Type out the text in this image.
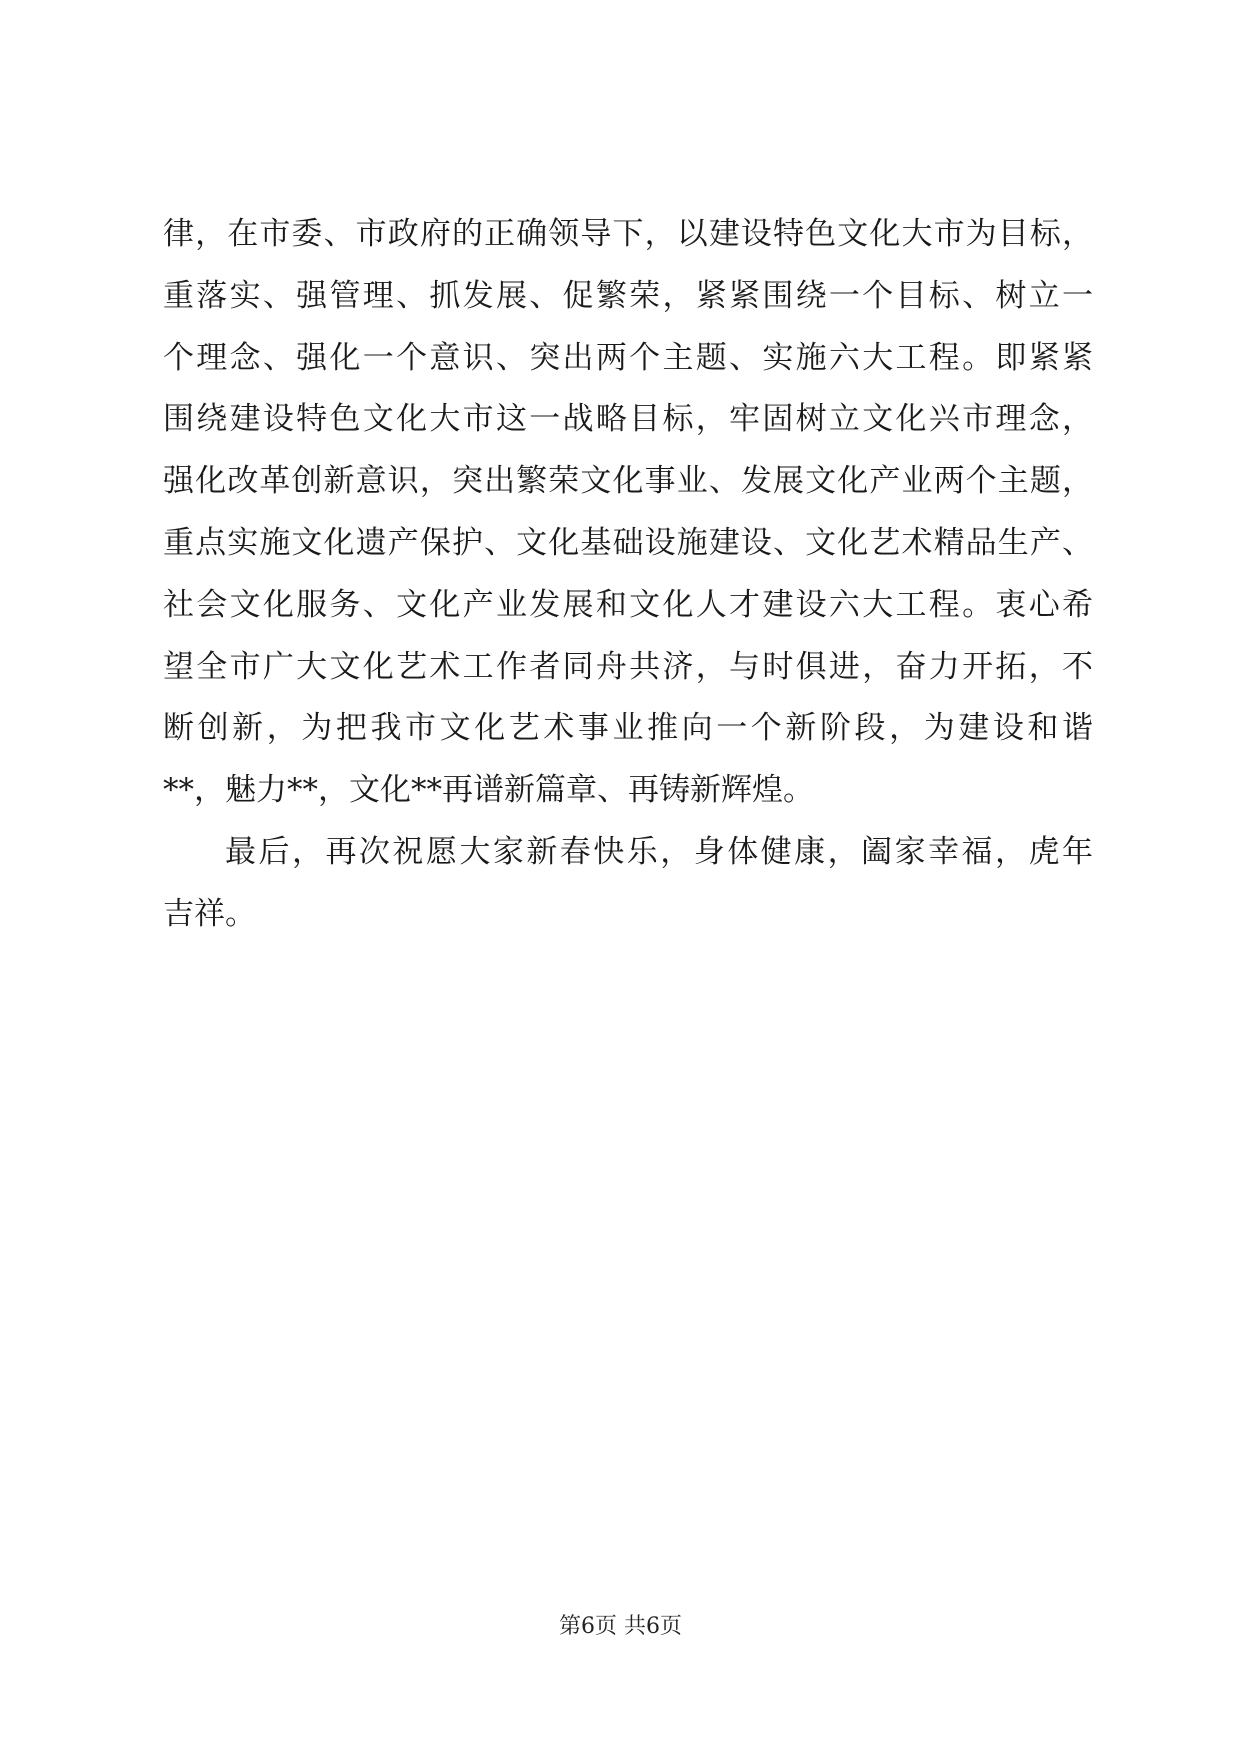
律，在市委、市政府的正确领导下，以建设特色文化大市为目标，
重落实、强管理、抓发展、促繁荣，紧紧围绕一个目标、树立一
个理念、强化一个意识、突出两个主题、实施六大工程。即紧紧
围绕建设特色文化大市这一战略目标，牢固树立文化兴市理念，
强化改革创新意识，突出繁荣文化事业、发展文化产业两个主题，
重点实施文化遗产保护、文化基础设施建设、文化艺术精品生产、
社会文化服务、文化产业发展和文化人才建设六大工程。衷心希
望全市广大文化艺术工作者同舟共济，与时俱进，奋力开拓，不
断创新，为把我市文化艺术事业推向一个新阶段，为建设和谐
**，魅力**，文化**再谱新篇章、再铸新辉煌。
最后，再次祝愿大家新春快乐，身体健康，阖家幸福，虎年
吉祥。
第6页 共6页
